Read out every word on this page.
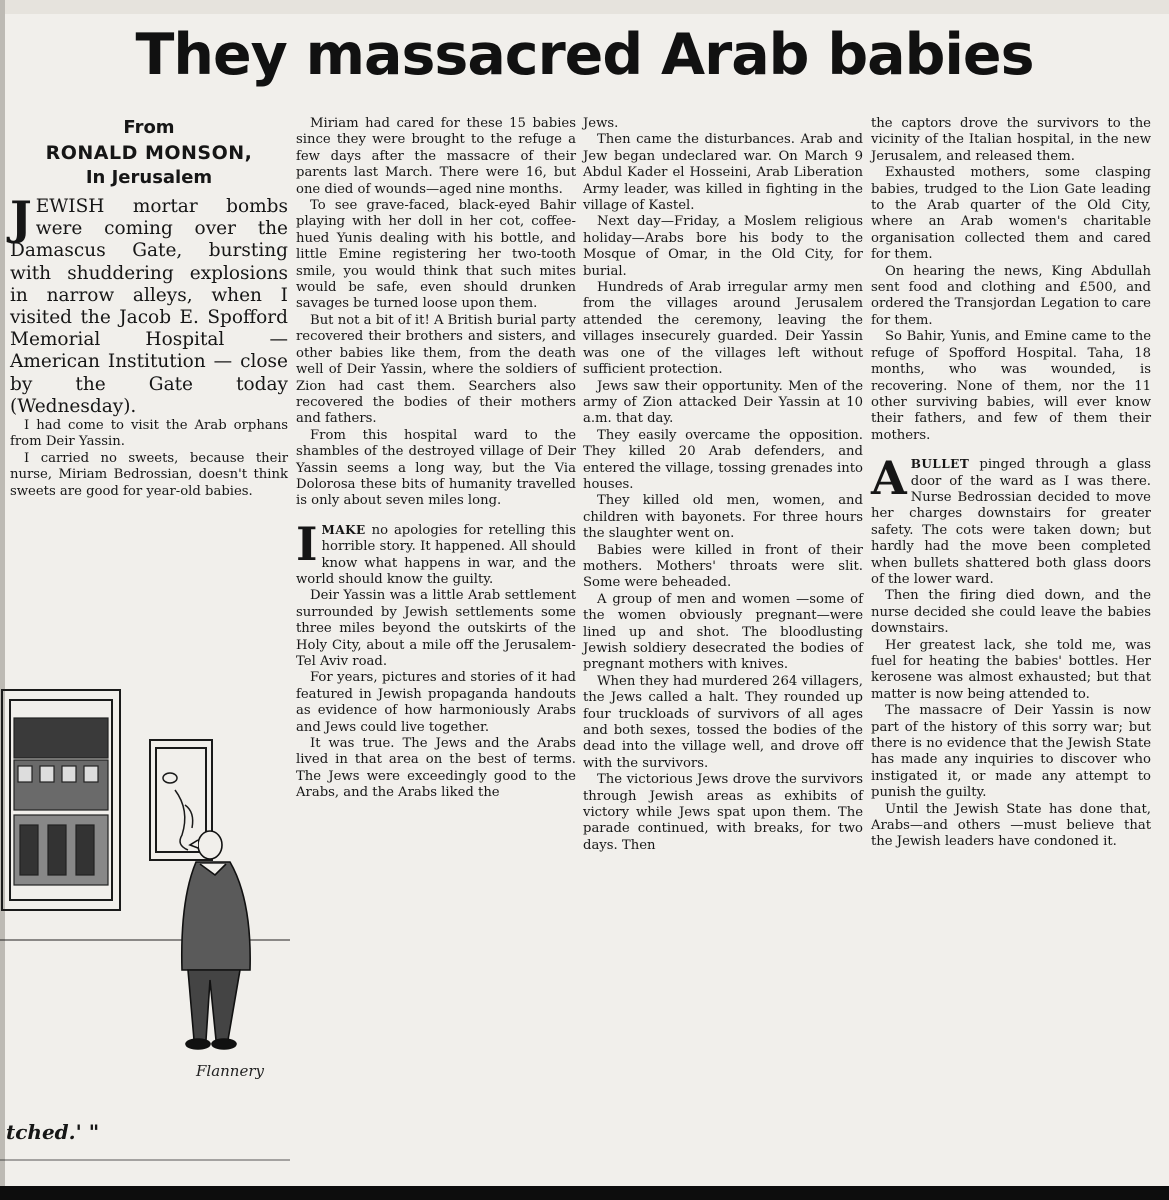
They massacred Arab babies
From
RONALD MONSON,
In Jerusalem

JEWISH mortar bombs were coming over the Damascus Gate, bursting with shuddering explosions in narrow alleys, when I visited the Jacob E. Spofford Memorial Hospital — American Institution — close by the Gate today (Wednesday).

I had come to visit the Arab orphans from Deir Yassin.

I carried no sweets, because their nurse, Miriam Bedrossian, doesn't think sweets are good for year-old babies.

Flannery
tched.' "

Miriam had cared for these 15 babies since they were brought to the refuge a few days after the massacre of their parents last March. There were 16, but one died of wounds—aged nine months.

To see grave-faced, black-eyed Bahir playing with her doll in her cot, coffee-hued Yunis dealing with his bottle, and little Emine registering her two-tooth smile, you would think that such mites would be safe, even should drunken savages be turned loose upon them.

But not a bit of it! A British burial party recovered their brothers and sisters, and other babies like them, from the death well of Deir Yassin, where the soldiers of Zion had cast them. Searchers also recovered the bodies of their mothers and fathers.

From this hospital ward to the shambles of the destroyed village of Deir Yassin seems a long way, but the Via Dolorosa these bits of humanity travelled is only about seven miles long.

IMAKE no apologies for retelling this horrible story. It happened. All should know what happens in war, and the world should know the guilty.

Deir Yassin was a little Arab settlement surrounded by Jewish settlements some three miles beyond the outskirts of the Holy City, about a mile off the Jerusalem-Tel Aviv road.

For years, pictures and stories of it had featured in Jewish propaganda handouts as evidence of how harmoniously Arabs and Jews could live together.

It was true. The Jews and the Arabs lived in that area on the best of terms. The Jews were exceedingly good to the Arabs, and the Arabs liked the

Jews.

Then came the disturbances. Arab and Jew began undeclared war. On March 9 Abdul Kader el Hosseini, Arab Liberation Army leader, was killed in fighting in the village of Kastel.

Next day—Friday, a Moslem religious holiday—Arabs bore his body to the Mosque of Omar, in the Old City, for burial.

Hundreds of Arab irregular army men from the villages around Jerusalem attended the ceremony, leaving the villages insecurely guarded. Deir Yassin was one of the villages left without sufficient protection.

Jews saw their opportunity. Men of the army of Zion attacked Deir Yassin at 10 a.m. that day.

They easily overcame the opposition. They killed 20 Arab defenders, and entered the village, tossing grenades into houses.

They killed old men, women, and children with bayonets. For three hours the slaughter went on.

Babies were killed in front of their mothers. Mothers' throats were slit. Some were beheaded.

A group of men and women —some of the women obviously pregnant—were lined up and shot. The bloodlusting Jewish soldiery desecrated the bodies of pregnant mothers with knives.

When they had murdered 264 villagers, the Jews called a halt. They rounded up four truckloads of survivors of all ages and both sexes, tossed the bodies of the dead into the village well, and drove off with the survivors.

The victorious Jews drove the survivors through Jewish areas as exhibits of victory while Jews spat upon them. The parade continued, with breaks, for two days. Then

the captors drove the survivors to the vicinity of the Italian hospital, in the new Jerusalem, and released them.

Exhausted mothers, some clasping babies, trudged to the Lion Gate leading to the Arab quarter of the Old City, where an Arab women's charitable organisation collected them and cared for them.

On hearing the news, King Abdullah sent food and clothing and £500, and ordered the Transjordan Legation to care for them.

So Bahir, Yunis, and Emine came to the refuge of Spofford Hospital. Taha, 18 months, who was wounded, is recovering. None of them, nor the 11 other surviving babies, will ever know their fathers, and few of them their mothers.

ABULLET pinged through a glass door of the ward as I was there. Nurse Bedrossian decided to move her charges downstairs for greater safety. The cots were taken down; but hardly had the move been completed when bullets shattered both glass doors of the lower ward.

Then the firing died down, and the nurse decided she could leave the babies downstairs.

Her greatest lack, she told me, was fuel for heating the babies' bottles. Her kerosene was almost exhausted; but that matter is now being attended to.

The massacre of Deir Yassin is now part of the history of this sorry war; but there is no evidence that the Jewish State has made any inquiries to discover who instigated it, or made any attempt to punish the guilty.

Until the Jewish State has done that, Arabs—and others —must believe that the Jewish leaders have condoned it.
